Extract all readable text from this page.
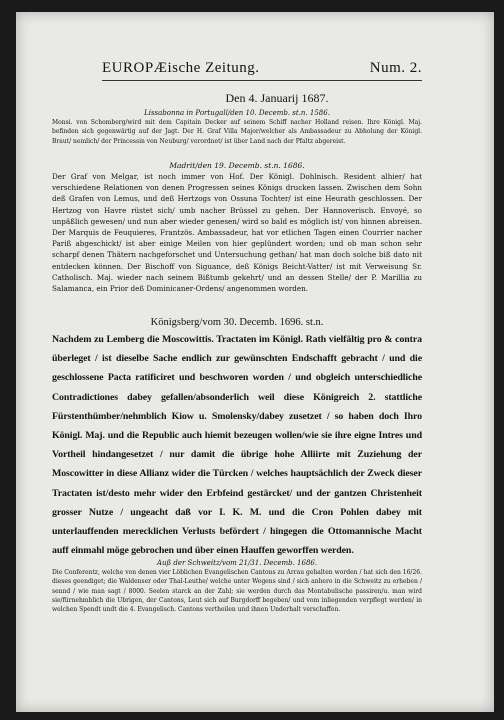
EUROPÆische Zeitung.	Num. 2.
Den 4. Januarij 1687.
Lissabonna in Portugall/den 10. Decemb. st.n. 1586.

Monsi. von Schomberg/wird mit dem Capitain Decker auf seinem Schiff nacher Holland reisen. Ihre Königl. Maj. befinden sich gegenwärtig auf der Jagt. Der H. Graf Villa Major/welcher als Ambassadeur zu Abholung der Königl. Braut/ nemlich/ der Princessin von Neuburg/ verordnet/ ist über Land nach der Pfaltz abgereist.

Madrit/den 19. Decemb. st.n. 1686.

Der Graf von Melgar, ist noch immer von Hof. Der Königl. Dohlnisch. Resident alhier/ hat verschiedene Relationen von denen Progressen seines Königs drucken lassen. Zwischen dem Sohn deß Grafen von Lemus, und deß Hertzogs von Ossuna Tochter/ ist eine Heurath geschlossen. Der Hertzog von Havre rüstet sich/ umb nacher Brüssel zu gehen. Der Hannoverisch. Envoyé, so unpäßlich gewesen/ und nun aber wieder genesen/ wird so bald es möglich ist/ von hinnen abreisen. Der Marquis de Feuquieres, Frantzös. Ambassadeur, hat vor etlichen Tagen einen Courrier nacher Pariß abgeschickt/ ist aber einige Meilen von hier geplündert worden; und ob man schon sehr scharpf denen Thätern nachgeforschet und Untersuchung gethan/ hat man doch solche biß dato nit entdecken können. Der Bischoff von Siguance, deß Königs Beicht-Vatter/ ist mit Verweisung Sr. Catholisch. Maj. wieder nach seinem Bißtumb gekehrt/ und an dessen Stelle/ der P. Marillia zu Salamanca, ein Prior deß Dominicaner-Ordens/ angenommen worden.

Königsberg/vom 30. Decemb. 1696. st.n.

Nachdem zu Lemberg die Moscowittis. Tractaten im Königl. Rath vielfältig pro & contra überleget / ist dieselbe Sache endlich zur gewünschten Endschafft gebracht / und die geschlossene Pacta ratificiret und beschworen worden / und obgleich unterschiedliche Contradictiones dabey gefallen/absonderlich weil diese Königreich 2. stattliche Fürstenthümber/nehmblich Kiow u. Smolensky/dabey zusetzet / so haben doch Ihro Königl. Maj. und die Republic auch hiemit bezeugen wollen/wie sie ihre eigne Intres und Vortheil hindangesetzet / nur damit die übrige hohe Alliirte mit Zuziehung der Moscowitter in diese Allianz wider die Türcken / welches hauptsächlich der Zweck dieser Tractaten ist/desto mehr wider den Erbfeind gestärcket/ und der gantzen Christenheit grosser Nutze / ungeacht daß vor I. K. M. und die Cron Pohlen dabey mit unterlauffenden merecklichen Verlusts befördert / hingegen die Ottomannische Macht auff einmahl möge gebrochen und über einen Hauffen geworffen werden.

Auß der Schweitz/vom 21/31. Decemb. 1686.

Die Conferentz, welche von denen vier Löblichen Evangelischen Cantons zu Arrau gehalten worden / hat sich den 16/26. dieses geendiget; die Waldenser oder Thal-Leuthe/ welche unter Wegens sind / sich anhero in die Schweitz zu erheben / sennd / wie man sagt / 8000. Seelen starck an der Zahl; sie werden durch das Montabulische passiren/u. man wird sie/fürnehmblich die Ubrigen, der Cantons, Leut sich auf Burgdorff begeben/ und vom inliegenden verpflegt werden/ in welchen Spendt undt die 4. Evangelisch. Cantons vertheilen und ihnen Underhalt verschaffen.
